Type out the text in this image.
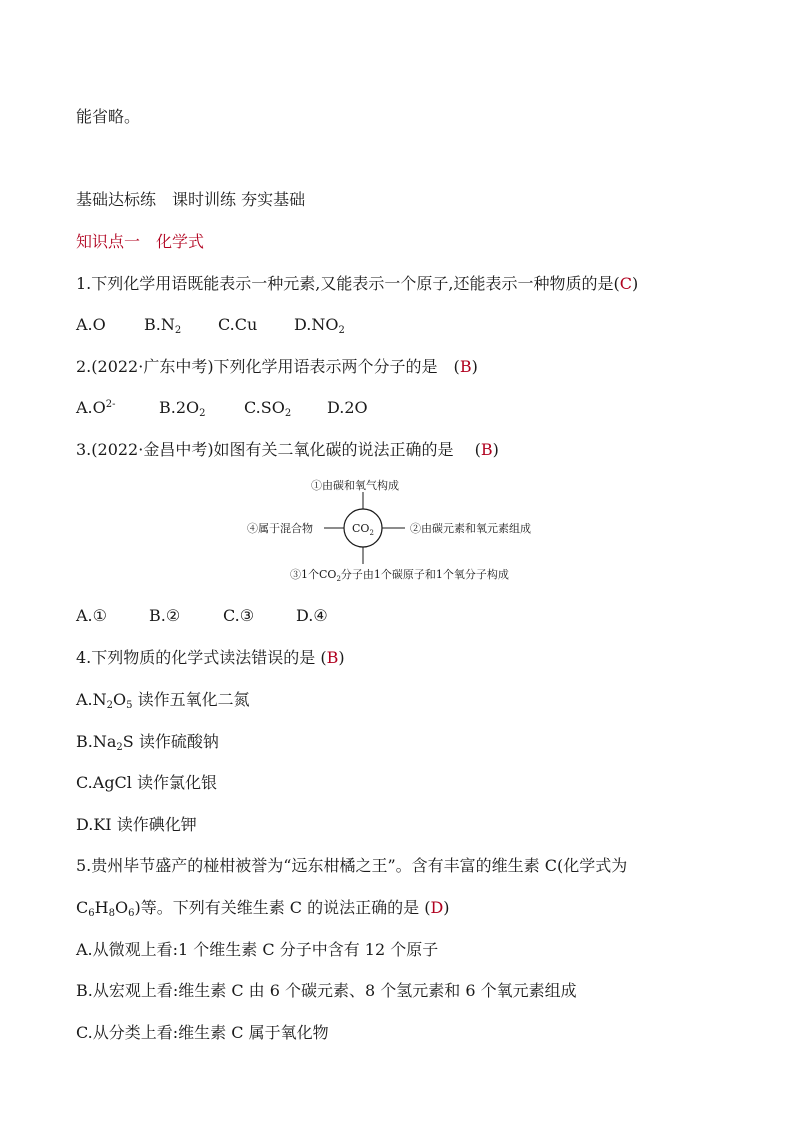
能省略。
基础达标练　课时训练 夯实基础
知识点一　化学式
1.下列化学用语既能表示一种元素,又能表示一个原子,还能表示一种物质的是(C)
A.O $B.N_2$ C.Cu $D.NO_2$
2.(2022·广东中考)下列化学用语表示两个分子的是　(B)
$A.O^{2-}$	$B.2O_2$ $C.SO_2$ D.2O
3.(2022·金昌中考)如图有关二氧化碳的说法正确的是　 (B)
$CO_2$
①由碳和氧气构成
②由碳元素和氧元素组成
③1个$CO_2$分子由1个碳原子和1个氧分子构成
④属于混合物
A.①	B.②	C.③	D.④
4.下列物质的化学式读法错误的是 (B)
$A.N_2O_5$ 读作五氧化二氮
$B.Na_2S$ 读作硫酸钠
C.AgCl 读作氯化银
D.KI 读作碘化钾
5.贵州毕节盛产的椪柑被誉为“远东柑橘之王”。含有丰富的维生素 C(化学式为
$C_6H_8O_6$)等。下列有关维生素 C 的说法正确的是 (D)
A.从微观上看:1 个维生素 C 分子中含有 12 个原子
B.从宏观上看:维生素 C 由 6 个碳元素、8 个氢元素和 6 个氧元素组成
C.从分类上看:维生素 C 属于氧化物
